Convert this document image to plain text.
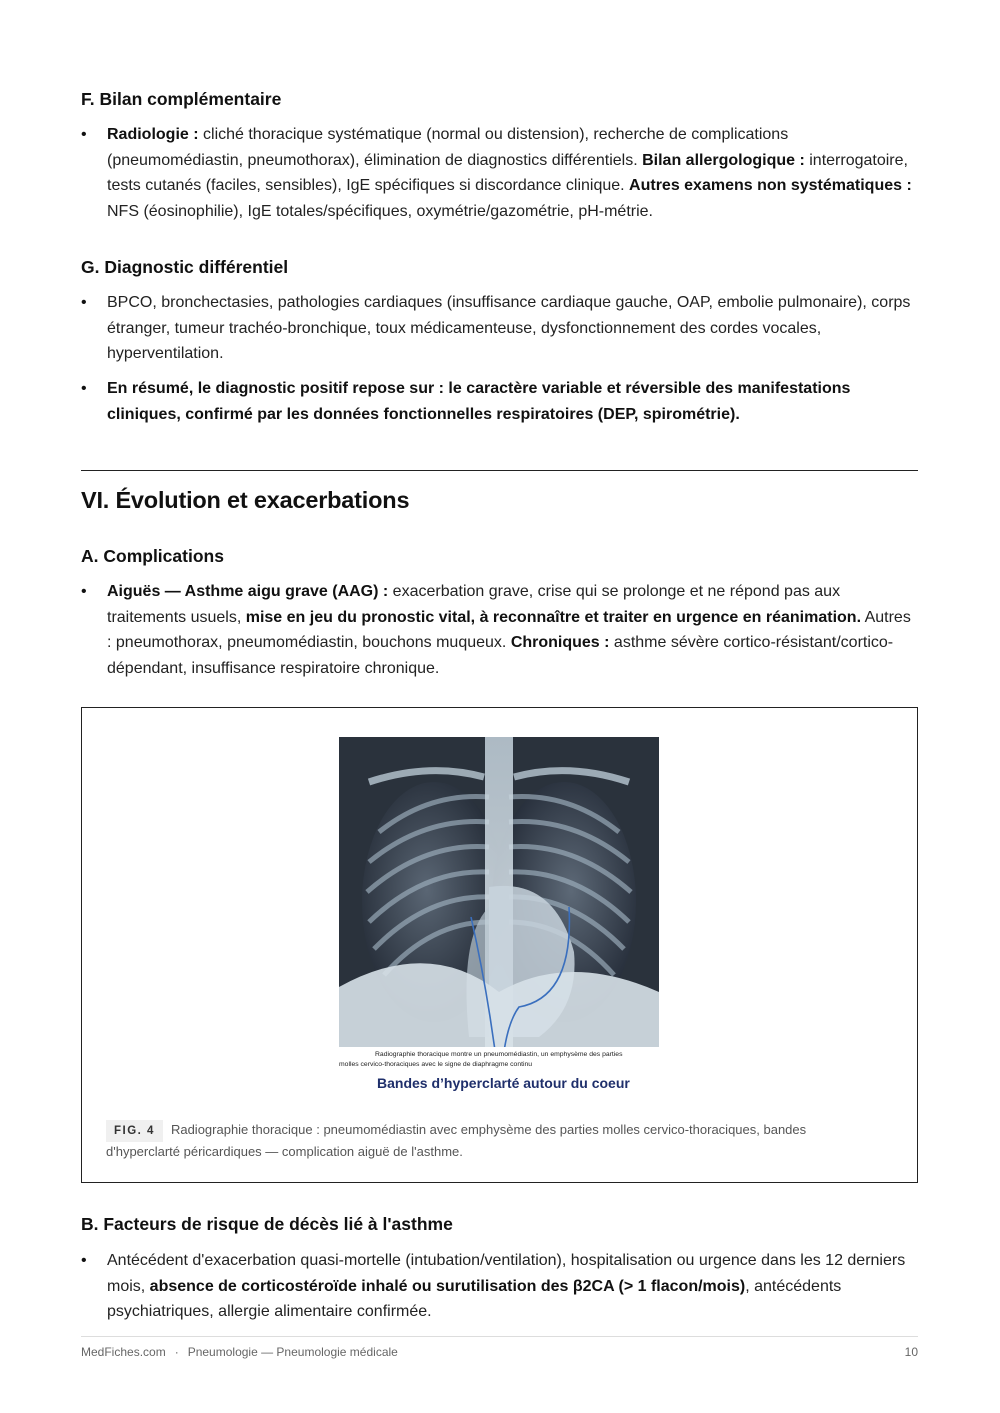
F. Bilan complémentaire
•	Radiologie : cliché thoracique systématique (normal ou distension), recherche de complications (pneumomédiastin, pneumothorax), élimination de diagnostics différentiels. Bilan allergologique : interrogatoire, tests cutanés (faciles, sensibles), IgE spécifiques si discordance clinique. Autres examens non systématiques : NFS (éosinophilie), IgE totales/spécifiques, oxymétrie/gazométrie, pH-métrie.
G. Diagnostic différentiel
•	BPCO, bronchectasies, pathologies cardiaques (insuffisance cardiaque gauche, OAP, embolie pulmonaire), corps étranger, tumeur trachéo-bronchique, toux médicamenteuse, dysfonctionnement des cordes vocales, hyperventilation.
•	En résumé, le diagnostic positif repose sur : le caractère variable et réversible des manifestations cliniques, confirmé par les données fonctionnelles respiratoires (DEP, spirométrie).
VI. Évolution et exacerbations
A. Complications
•	Aiguës — Asthme aigu grave (AAG) : exacerbation grave, crise qui se prolonge et ne répond pas aux traitements usuels, mise en jeu du pronostic vital, à reconnaître et traiter en urgence en réanimation. Autres : pneumothorax, pneumomédiastin, bouchons muqueux. Chroniques : asthme sévère cortico-résistant/cortico-dépendant, insuffisance respiratoire chronique.
Radiographie thoracique montre un pneumomédiastin, un emphysème des parties
molles cervico-thoraciques avec le signe de diaphragme continu
Bandes d’hyperclarté autour du coeur
FIG. 4 Radiographie thoracique : pneumomédiastin avec emphysème des parties molles cervico-thoraciques, bandes d'hyperclarté péricardiques — complication aiguë de l'asthme.
B. Facteurs de risque de décès lié à l'asthme
•	Antécédent d'exacerbation quasi-mortelle (intubation/ventilation), hospitalisation ou urgence dans les 12 derniers mois, absence de corticostéroïde inhalé ou surutilisation des β2CA (> 1 flacon/mois), antécédents psychiatriques, allergie alimentaire confirmée.
MedFiches.com · Pneumologie — Pneumologie médicale	10
